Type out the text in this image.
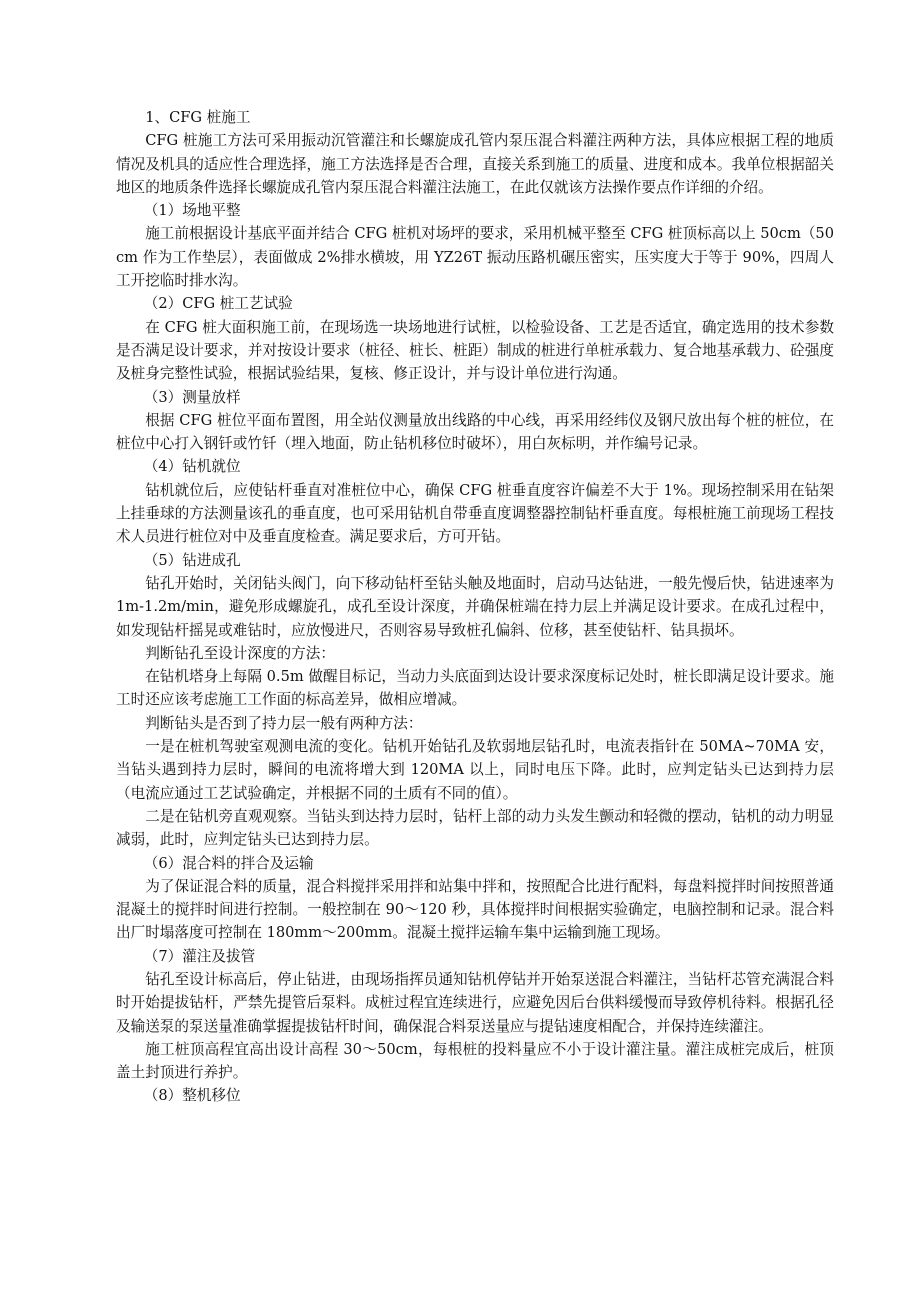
1、CFG 桩施工

CFG 桩施工方法可采用振动沉管灌注和长螺旋成孔管内泵压混合料灌注两种方法，具体应根据工程的地质情况及机具的适应性合理选择，施工方法选择是否合理，直接关系到施工的质量、进度和成本。我单位根据韶关地区的地质条件选择长螺旋成孔管内泵压混合料灌注法施工，在此仅就该方法操作要点作详细的介绍。

（1）场地平整

施工前根据设计基底平面并结合 CFG 桩机对场坪的要求，采用机械平整至 CFG 桩顶标高以上 50cm（50cm 作为工作垫层），表面做成 2%排水横坡，用 YZ26T 振动压路机碾压密实，压实度大于等于 90%，四周人工开挖临时排水沟。

（2）CFG 桩工艺试验

在 CFG 桩大面积施工前，在现场选一块场地进行试桩，以检验设备、工艺是否适宜，确定选用的技术参数是否满足设计要求，并对按设计要求（桩径、桩长、桩距）制成的桩进行单桩承载力、复合地基承载力、砼强度及桩身完整性试验，根据试验结果，复核、修正设计，并与设计单位进行沟通。

（3）测量放样

根据 CFG 桩位平面布置图，用全站仪测量放出线路的中心线，再采用经纬仪及钢尺放出每个桩的桩位，在桩位中心打入钢钎或竹钎（埋入地面，防止钻机移位时破坏），用白灰标明，并作编号记录。

（4）钻机就位

钻机就位后，应使钻杆垂直对准桩位中心，确保 CFG 桩垂直度容许偏差不大于 1%。现场控制采用在钻架上挂垂球的方法测量该孔的垂直度，也可采用钻机自带垂直度调整器控制钻杆垂直度。每根桩施工前现场工程技术人员进行桩位对中及垂直度检查。满足要求后，方可开钻。

（5）钻进成孔

钻孔开始时，关闭钻头阀门，向下移动钻杆至钻头触及地面时，启动马达钻进，一般先慢后快，钻进速率为 1m-1.2m/min，避免形成螺旋孔，成孔至设计深度，并确保桩端在持力层上并满足设计要求。在成孔过程中，如发现钻杆摇晃或难钻时，应放慢进尺，否则容易导致桩孔偏斜、位移，甚至使钻杆、钻具损坏。

判断钻孔至设计深度的方法：

在钻机塔身上每隔 0.5m 做醒目标记，当动力头底面到达设计要求深度标记处时，桩长即满足设计要求。施工时还应该考虑施工工作面的标高差异，做相应增减。

判断钻头是否到了持力层一般有两种方法：

一是在桩机驾驶室观测电流的变化。钻机开始钻孔及软弱地层钻孔时，电流表指针在 50MA~70MA 安，当钻头遇到持力层时，瞬间的电流将增大到 120MA 以上，同时电压下降。此时，应判定钻头已达到持力层（电流应通过工艺试验确定，并根据不同的土质有不同的值）。

二是在钻机旁直观观察。当钻头到达持力层时，钻杆上部的动力头发生颤动和轻微的摆动，钻机的动力明显减弱，此时，应判定钻头已达到持力层。

（6）混合料的拌合及运输

为了保证混合料的质量，混合料搅拌采用拌和站集中拌和，按照配合比进行配料，每盘料搅拌时间按照普通混凝土的搅拌时间进行控制。一般控制在 90～120 秒，具体搅拌时间根据实验确定，电脑控制和记录。混合料出厂时塌落度可控制在 180mm～200mm。混凝土搅拌运输车集中运输到施工现场。

（7）灌注及拔管

钻孔至设计标高后，停止钻进，由现场指挥员通知钻机停钻并开始泵送混合料灌注，当钻杆芯管充满混合料时开始提拔钻杆，严禁先提管后泵料。成桩过程宜连续进行，应避免因后台供料缓慢而导致停机待料。根据孔径及输送泵的泵送量准确掌握提拔钻杆时间，确保混合料泵送量应与提钻速度相配合，并保持连续灌注。

施工桩顶高程宜高出设计高程 30～50cm，每根桩的投料量应不小于设计灌注量。灌注成桩完成后，桩顶盖土封顶进行养护。

（8）整机移位
